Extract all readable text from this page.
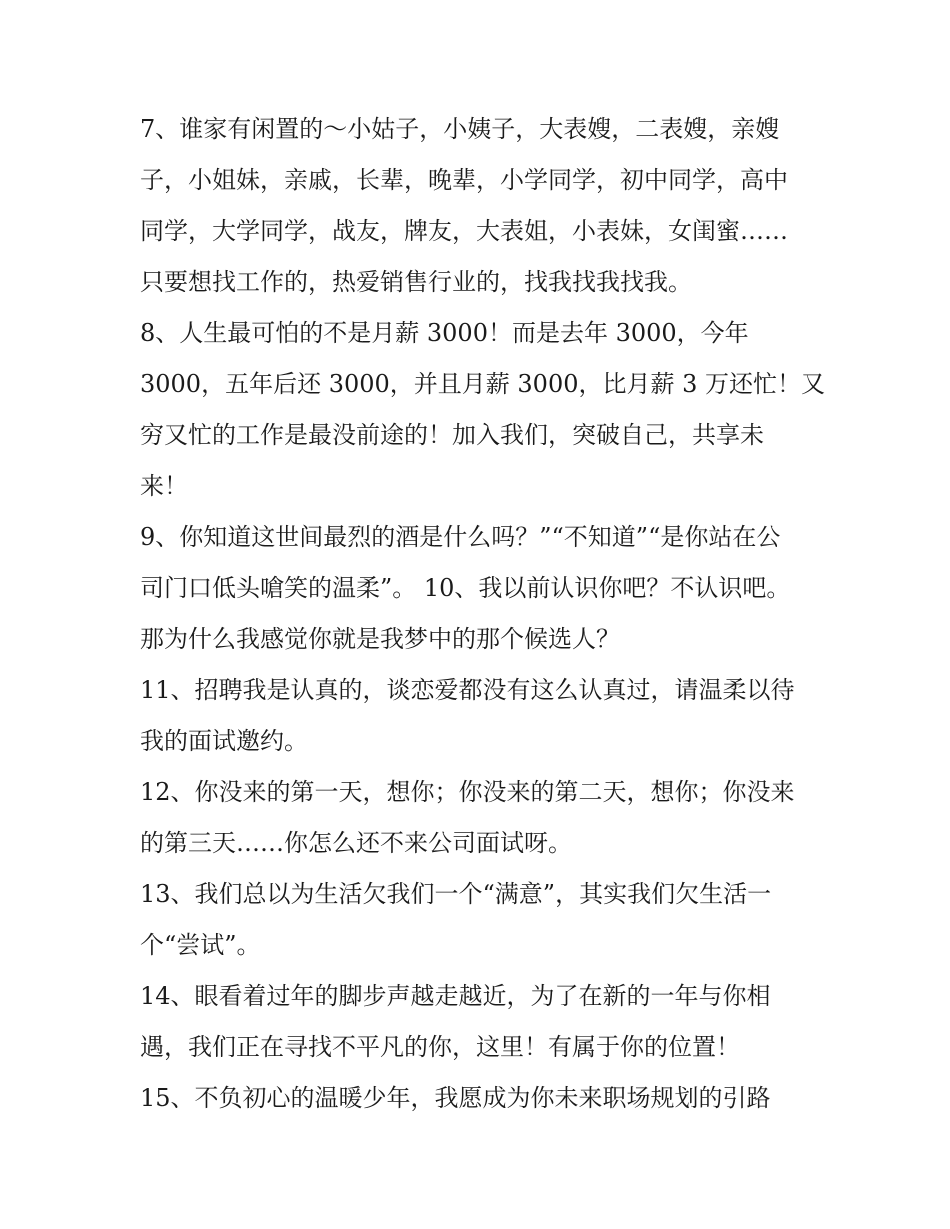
7、谁家有闲置的～小姑子，小姨子，大表嫂，二表嫂，亲嫂
子，小姐妹，亲戚，长辈，晚辈，小学同学，初中同学，高中
同学，大学同学，战友，牌友，大表姐，小表妹，女闺蜜……
只要想找工作的，热爱销售行业的，找我找我找我。
8、人生最可怕的不是月薪 3000！而是去年 3000，今年
3000，五年后还 3000，并且月薪 3000，比月薪 3 万还忙！又
穷又忙的工作是最没前途的！加入我们，突破自己，共享未
来！
9、你知道这世间最烈的酒是什么吗？”“不知道”“是你站在公
司门口低头嗆笑的温柔”。 10、我以前认识你吧？不认识吧。
那为什么我感觉你就是我梦中的那个候选人？
11、招聘我是认真的，谈恋爱都没有这么认真过，请温柔以待
我的面试邀约。
12、你没来的第一天，想你；你没来的第二天，想你；你没来
的第三天……你怎么还不来公司面试呀。
13、我们总以为生活欠我们一个“满意”，其实我们欠生活一
个“尝试”。
14、眼看着过年的脚步声越走越近，为了在新的一年与你相
遇，我们正在寻找不平凡的你，这里！有属于你的位置！
15、不负初心的温暖少年，我愿成为你未来职场规划的引路
